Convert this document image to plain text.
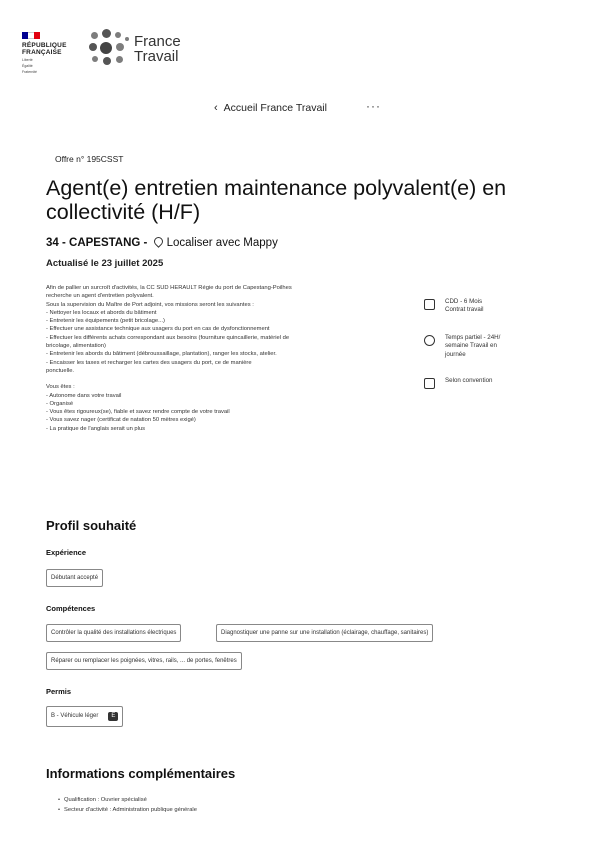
RÉPUBLIQUE
FRANÇAISE
Liberté
Égalité
Fraternité
France
Travail
‹ Accueil France Travail	···
Offre n° 195CSST
Agent(e) entretien maintenance polyvalent(e) en collectivité (H/F)
34 - CAPESTANG - Localiser avec Mappy
Actualisé le 23 juillet 2025

Afin de pallier un surcroît d'activités, la CC SUD HERAULT Régie du port de Capestang-Poilhes

recherche un agent d'entretien polyvalent.

Sous la supervision du Maître de Port adjoint, vos missions seront les suivantes :

- Nettoyer les locaux et abords du bâtiment

- Entretenir les équipements (petit bricolage...)

- Effectuer une assistance technique aux usagers du port en cas de dysfonctionnement

- Effectuer les différents achats correspondant aux besoins (fourniture quincaillerie, matériel de

bricolage, alimentation)

- Entretenir les abords du bâtiment (débroussaillage, plantation), ranger les stocks, atelier.

- Encaisser les taxes et recharger les cartes des usagers du port, ce de manière

ponctuelle.

Vous êtes :

- Autonome dans votre travail

- Organisé

- Vous êtes rigoureux(se), fiable et savez rendre compte de votre travail

- Vous savez nager (certificat de natation 50 mètres exigé)

- La pratique de l'anglais serait un plus

CDD - 6 Mois
Contrat travail
Temps partiel - 24H/
semaine Travail en
journée
Selon convention
Profil souhaité
Expérience
Débutant accepté
Compétences
Contrôler la qualité des installations électriques	Diagnostiquer une panne sur une installation (éclairage, chauffage, sanitaires)
Réparer ou remplacer les poignées, vitres, rails, ... de portes, fenêtres
Permis
B - Véhicule léger E
Informations complémentaires
• Qualification : Ouvrier spécialisé
• Secteur d'activité : Administration publique générale
